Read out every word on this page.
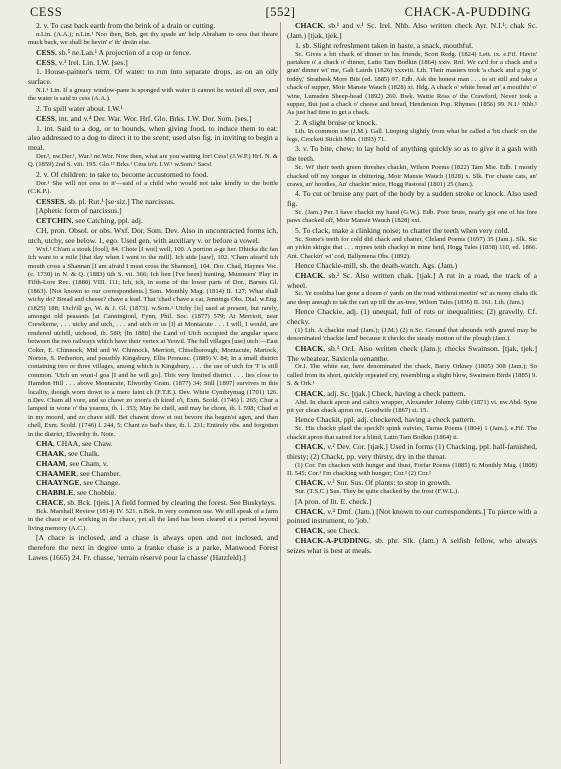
CESS	[552]	CHACK-A-PUDDING

2. v. To cast back earth from the brink of a drain or cutting.

n.Lin. (A.A.); n.Lin.¹ Noo then, Bob, get thy spade an' help Abraham to cess that theare muck back, we shall be hevin' e' th' dreän else.

CESS, sb.⁵ ne.Lan.¹ A projection of a cop or fence.

CESS, v.³ Irel. Lin. I.W. [ses.]

1. House-painter's term. Of water: to run into separate drops, as on an oily surface.

N.I.¹ Lin. If a greasy window-pane is sponged with water it cannot be wetted all over, and the water is said to cess (A.A.).

2. To spill water about. I.W.¹

CESS, int. and v.⁴ Der. War. Wor. Hrf. Glo. Brks. I.W. Dor. Som. [ses.]

1. int. Said to a dog, or to hounds, when giving food, to induce them to eat: also addressed to a dog to direct it to the scent; used also fig. in inviting to begin a meal.

Der.², nw.Der.¹, War.² ne.Wor. Now then, what are you waiting for! Cess! (J.W.P.) Hrf. N. & Q. (1859) 2nd S. viii. 195. Glo.¹² Brks.¹ Cess to't. I.W.¹ w.Som.¹ Sacs!

2. v. Of children: to take to, become accustomed to food.

Dor.¹ She will not cess to it'—said of a child who would not take kindly to the bottle (C.K.P.).

CESSES, sb. pl. Rut.¹ [se·siz.] The narcissus.

[Aphetic form of narcissus.]

CETCHIN, see Catching, ppl. adj.

CH, pron. Obsol. or obs. Wxf. Dor. Som. Dev. Also in uncontracted forms ich, utch, utchy, see below. 1, ego. Used gen. with auxiliary v. or before a vowel.

Wxf.¹ Ch'am a stouk [fool], 84. Chote [I wot] well, 100. A portion a-ge her. Dhicka dic fan ich want to a mile [that day when I went to the mill]. Ich aide [saw], 102. 'Cham afear'd ich mouth cross a Shannan [I am afraid I must cross the Shannon], 104. Dor. Chad, Haynes Voc. (c. 1730) in N. & Q. (1883) 6th S. vii. 366; Ich ben [I've been] hunting, Mummers' Play in Fifth-Lore Rec. (1880) VIII. 111; Ich, ich, in some of the lower parts of Dor., Barnes Gl. (1863). [Not known to our correspondents.] Som. Monthly Mag. (1814) II. 127; What shall wichy do? Bread and cheese? chave a lead. That 'chad c'have a cat, Jennings Obs. Dial. w.Eng. (1825) 188; Utch'ill go, W. & J. Gl. (1873). w.Som.¹ Utchy [is] used at present, but rarely, amongst old peasants [at Canningtonl, Fynn, Phil. Soc. (1877) 579; At Merriott, near Crewkerne, . . . utchy and utch, . . . and utch or us [I] at Montacute . . . I will, I would, are rendered utchill, utchood, ib. 580; [In 1880] the Land of Utch occupied the angular space between the two railways which have their vertex at Yeovil. The full villages [use] utch:—East Coker, E. Chinnock, Mid and W. Chinnock, Merriott, Chiselborough, Montacute, Martock, Norton, S. Petherton, and possibly Kingsbury, Ellis Pronunc. (1889) V. 84; In a small district containing two or three villages, among which is Kingsbury, . . . the use of utch for 'I' is still common. 'Utch un wuni-l goa [I and he will go]. This very limited district . . . lies close to Hamdon Hill . . . above Montacute, Elworthy Gram. (1877) 34; Still [1897] survives in this locality, though worn down to a mere faint ch (F.T.E.). Dev. White Cymbrymag (1701) 126. n.Dev. Cham all vore, and so chawr zo zoon's ch kired o't, Exm. Scold. (1746) l. 265; Chur a lamped in wone o' tha yearms, ib. l. 353; May be chell, and may be chont, ib. l. 598; Chad et in my moord, and zo chave still. Bet chawnt drow et out bevore tha begen'st agen, and than chell, Exm. Scold. (1746) l. 244, 5; Chant zo bad's thee, ib. l. 231; Entirely obs. and forgotten in the district, Elworthy ib. Note.

CHA, CHAA, see Chaw.

CHAAK, see Chalk.

CHAAM, see Cham, v.

CHAAMER, see Chamber.

CHAAYNGE, see Change.

CHABBLE, see Chobble.

CHACE, sb. Bck. [tjeis.] A field formed by clearing the forest. See Buskyleys.

Bck. Marshall Review (1814) IV. 521. n.Bck. In very common use. We still speak of a farm in the chace or of working in the chace, yet all the land has been cleared at a period beyond living memory (A.C.).

[A chace is inclosed, and a chase is always open and not inclosed, and therefore the next in degree unto a franke chase is a parke, Manwood Forest Lawes (1665) 24. Fr. chasse, 'terrain réservé pour la chasse' (Hatzfeld).]

CHACK, sb.¹ and v.¹ Sc. Irel. Nhb. Also written check Ayr. N.I.¹; chak Sc. (Jam.) [tjak, tjek.]

1. sb. Slight refreshment taken in haste, a snack, mouthful.

Sc. Gives a bit chack of dinner to his friends, Scott Redg. (1824) Lett. ix. e.Fif. Havin' partaken o' a chack o' dinner, Latto Tam Bodkin (1864) xxiv. Rnf. We ca'd for a chack and a gran' dinner wi' me, Galt Lairds (1826) xxxviii. Lth. Their masters took 'a chack and a jug o' toddy,' Strathesk More Bits (ed. 1885) 97. Edb. Ask the honest man . . . to sit still and take a chack of supper, Moir Mansie Wauch (1828) xi. Hdg. A chack o' white bread an' a mouthfu' o' wine, Lumsden Sheep-head (1892) 260. Bwk. Wattie Ross o' the Crawford, Never took a supper, But just a chack o' cheese and bread, Henderson Pop. Rhymes (1856) 99. N.I.¹ Nhb.¹ As just had time to get a chack.

2. A slight bruise or knock.

Lth. In common use (J.M.). Gall. Limping slightly from what he called a 'bit chack' on the legs, Crockett Stickit Min. (1893) 71.

3. v. To bite, chew; to lay hold of anything quickly so as to give it a gash with the teeth.

Sc. Wi' their teeth green threshes chackit, Wilson Poems (1822) Tam Mie. Edb. I mostly chacked off my tongue in chittering, Moir Mansie Wauch (1828) x. Slk. For chaste cats, an' craws, an' hoodies, An' chackin' mice, Hogg Pastoral (1801) 25 (Jam.).

4. To cut or bruise any part of the body by a sudden stroke or knock. Also used fig.

Sc. (Jam.) Per. I have chackit my hand (G.W.). Edb. Poor brute, nearly got one of his fore paws chacked off, Moir Mansie Wauch (1828) xxi.

5. To clack, make a clinking noise; to chatter the teeth when very cold.

Sc. Some's teeth for cold did chack and chatter, Cleland Poems (1697) 35 (Jam.). Slk. Sic an yirkin skirgie that . . . mynes teith chackyt in mine heid, Hogg Tales (1838) 110, ed. 1866. Ant. Chackin' wi' cod, Ballymena Obs. (1892).

Hence Chackie-mill, sb. the death-watch. Ags. (Jam.)

CHACK, sb.² Sc. Also written chak. [tjak.] A rut in a road, the track of a wheel.

Sc. Ye couldna hae gone a dozen o' yards on the road without meetin' wi' as mony chaks ilk ane deep aneugh to tak the cart up till the ax-tree, Wilson Tales (1836) II. 161. Lth. (Jam.)

Hence Chackie, adj. (1) unequal, full of ruts or inequalities; (2) gravelly. Cf. checky.

(1) Lth. A chackie road (Jam.); (J.M.) (2) n.Sc. Ground that abounds with gravel may be denominated 'chackie land' because it checks the steady motion of the plough (Jam.).

CHACK, sb.³ Or.I. Also written check (Jam.); checks Swainson. [tjak, tjek.] The wheatear, Saxicola oenanthe.

Or.I. The white ear, here denominated the chack, Barry Orkney (1805) 308 (Jam.); So called from its short, quickly repeated cry, resembling a slight blow, Swainson Birds (1885) 9. S. & Ork.¹

CHACK, adj. Sc. [tjak.] Check, having a check pattern.

Abd. In chack apron and calico wrapper, Alexander Johnny Gibb (1871) vi. nw.Abd. Syne pit yer clean chack apron on, Goodwife (1867) st. 15.

Hence Chackit, ppl. adj. checkered, having a check pattern.

Sc. His chackit plaid the speckl't spink outvies, Tarras Poems (1804) 1 (Jam.). e.Fif. The chackit apron that saired for a blind, Latto Tam Bodkin (1864) ii.

CHACK, v.² Dev. Cor. [tjæk.] Used in forms (1) Chacking, ppl. half-famished, thirsty; (2) Chackt, pp. very thirsty, dry in the throat.

(1) Cor. I'm chacken with hunger and thust, Forfar Poems (1885) 6; Monthly Mag. (1808) II. 545; Cor.¹ I'm chacking with hunger; Cor.² (2) Cor.²

CHACK, v.³ Sur. Sus. Of plants: to stop in growth.

Sur. (T.S.C.) Sus. They be quite chacked by the frost (F.W.L.).

[A pron. of lit. E. check.]

CHACK, v.⁴ Dmf. (Jam.) [Not known to our correspondents.] To pierce with a pointed instrument, to 'job.'

CHACK, see Check.

CHACK-A-PUDDING, sb. phr. Slk. (Jam.) A selfish fellow, who always seizes what is best at meals.
